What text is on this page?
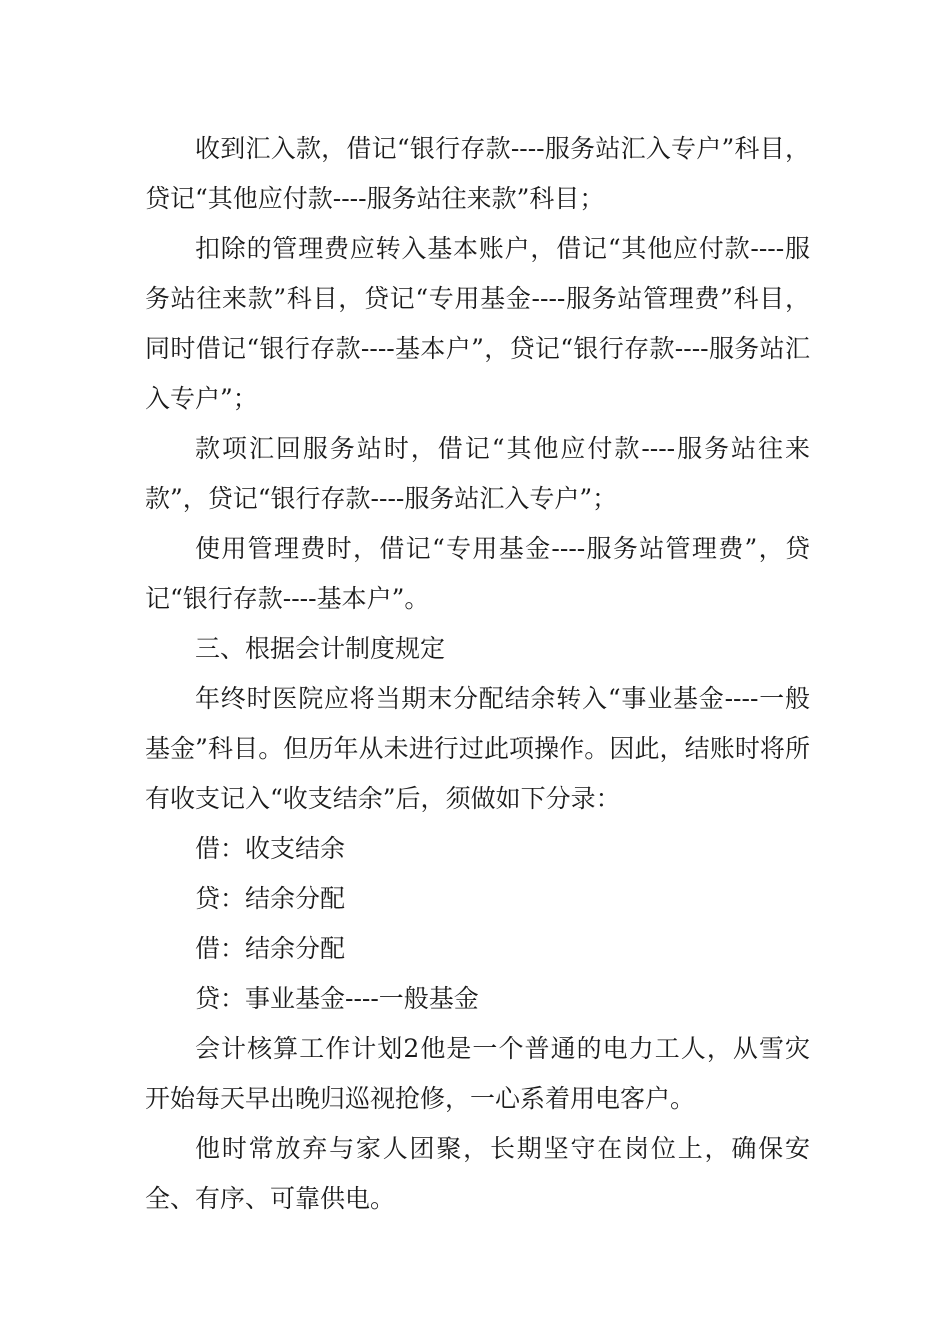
收到汇入款，借记“银行存款----服务站汇入专户”科目，贷记“其他应付款----服务站往来款”科目；

扣除的管理费应转入基本账户，借记“其他应付款----服务站往来款”科目，贷记“专用基金----服务站管理费”科目，同时借记“银行存款----基本户”，贷记“银行存款----服务站汇入专户”；

款项汇回服务站时，借记“其他应付款----服务站往来款”，贷记“银行存款----服务站汇入专户”；

使用管理费时，借记“专用基金----服务站管理费”，贷记“银行存款----基本户”。

三、根据会计制度规定

年终时医院应将当期末分配结余转入“事业基金----一般基金”科目。但历年从未进行过此项操作。因此，结账时将所有收支记入“收支结余”后，须做如下分录：

借：收支结余

贷：结余分配

借：结余分配

贷：事业基金----一般基金

会计核算工作计划2他是一个普通的电力工人，从雪灾开始每天早出晚归巡视抢修，一心系着用电客户。

他时常放弃与家人团聚，长期坚守在岗位上，确保安全、有序、可靠供电。
